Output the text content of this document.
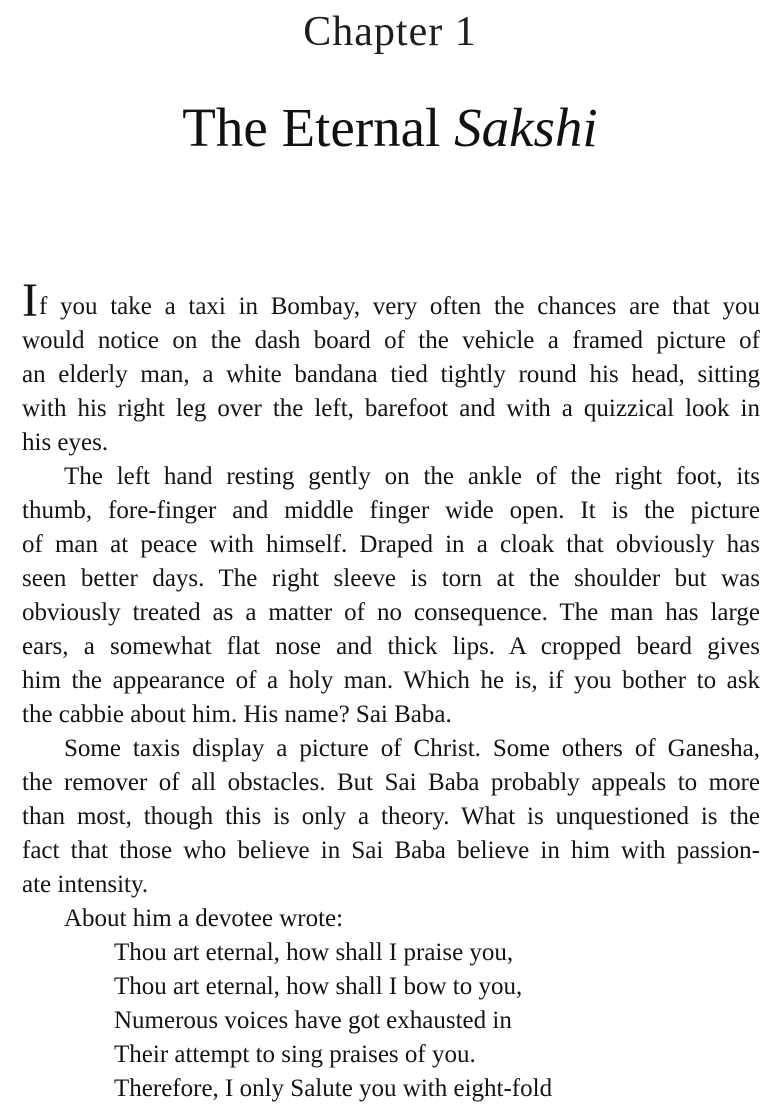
Chapter 1
The Eternal Sakshi
If you take a taxi in Bombay, very often the chances are that you
would notice on the dash board of the vehicle a framed picture of
an elderly man, a white bandana tied tightly round his head, sitting
with his right leg over the left, barefoot and with a quizzical look in
his eyes.
The left hand resting gently on the ankle of the right foot, its
thumb, fore-finger and middle finger wide open. It is the picture
of man at peace with himself. Draped in a cloak that obviously has
seen better days. The right sleeve is torn at the shoulder but was
obviously treated as a matter of no consequence. The man has large
ears, a somewhat flat nose and thick lips. A cropped beard gives
him the appearance of a holy man. Which he is, if you bother to ask
the cabbie about him. His name? Sai Baba.
Some taxis display a picture of Christ. Some others of Ganesha,
the remover of all obstacles. But Sai Baba probably appeals to more
than most, though this is only a theory. What is unquestioned is the
fact that those who believe in Sai Baba believe in him with passion-
ate intensity.
About him a devotee wrote:
Thou art eternal, how shall I praise you,
Thou art eternal, how shall I bow to you,
Numerous voices have got exhausted in
Their attempt to sing praises of you.
Therefore, I only Salute you with eight-fold
